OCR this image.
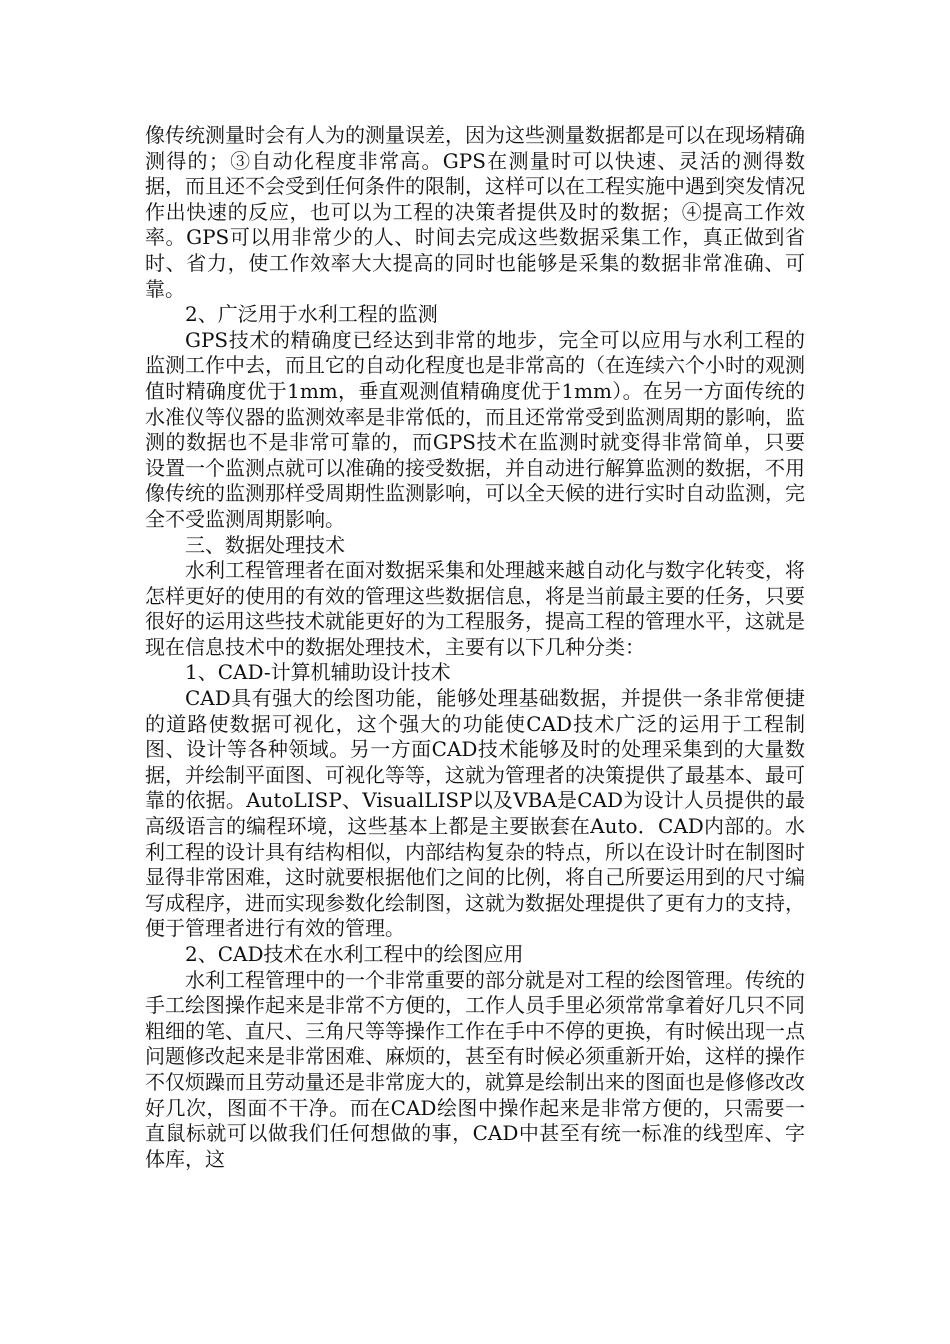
像传统测量时会有人为的测量误差，因为这些测量数据都是可以在现场精确测得的；③自动化程度非常高。GPS在测量时可以快速、灵活的测得数据，而且还不会受到任何条件的限制，这样可以在工程实施中遇到突发情况作出快速的反应，也可以为工程的决策者提供及时的数据；④提高工作效率。GPS可以用非常少的人、时间去完成这些数据采集工作，真正做到省时、省力，使工作效率大大提高的同时也能够是采集的数据非常准确、可靠。

2、广泛用于水利工程的监测

GPS技术的精确度已经达到非常的地步，完全可以应用与水利工程的监测工作中去，而且它的自动化程度也是非常高的（在连续六个小时的观测值时精确度优于1mm，垂直观测值精确度优于1mm）。在另一方面传统的水准仪等仪器的监测效率是非常低的，而且还常常受到监测周期的影响，监测的数据也不是非常可靠的，而GPS技术在监测时就变得非常简单，只要设置一个监测点就可以准确的接受数据，并自动进行解算监测的数据，不用像传统的监测那样受周期性监测影响，可以全天候的进行实时自动监测，完全不受监测周期影响。

三、数据处理技术

水利工程管理者在面对数据采集和处理越来越自动化与数字化转变，将怎样更好的使用的有效的管理这些数据信息，将是当前最主要的任务，只要很好的运用这些技术就能更好的为工程服务，提高工程的管理水平，这就是现在信息技术中的数据处理技术，主要有以下几种分类：

1、CAD-计算机辅助设计技术

CAD具有强大的绘图功能，能够处理基础数据，并提供一条非常便捷的道路使数据可视化，这个强大的功能使CAD技术广泛的运用于工程制图、设计等各种领域。另一方面CAD技术能够及时的处理采集到的大量数据，并绘制平面图、可视化等等，这就为管理者的决策提供了最基本、最可靠的依据。AutoLISP、VisualLISP以及VBA是CAD为设计人员提供的最高级语言的编程环境，这些基本上都是主要嵌套在Auto．CAD内部的。水利工程的设计具有结构相似，内部结构复杂的特点，所以在设计时在制图时显得非常困难，这时就要根据他们之间的比例，将自己所要运用到的尺寸编写成程序，进而实现参数化绘制图，这就为数据处理提供了更有力的支持，便于管理者进行有效的管理。

2、CAD技术在水利工程中的绘图应用

水利工程管理中的一个非常重要的部分就是对工程的绘图管理。传统的手工绘图操作起来是非常不方便的，工作人员手里必须常常拿着好几只不同粗细的笔、直尺、三角尺等等操作工作在手中不停的更换，有时候出现一点问题修改起来是非常困难、麻烦的，甚至有时候必须重新开始，这样的操作不仅烦躁而且劳动量还是非常庞大的，就算是绘制出来的图面也是修修改改好几次，图面不干净。而在CAD绘图中操作起来是非常方便的，只需要一直鼠标就可以做我们任何想做的事，CAD中甚至有统一标准的线型库、字体库，这
